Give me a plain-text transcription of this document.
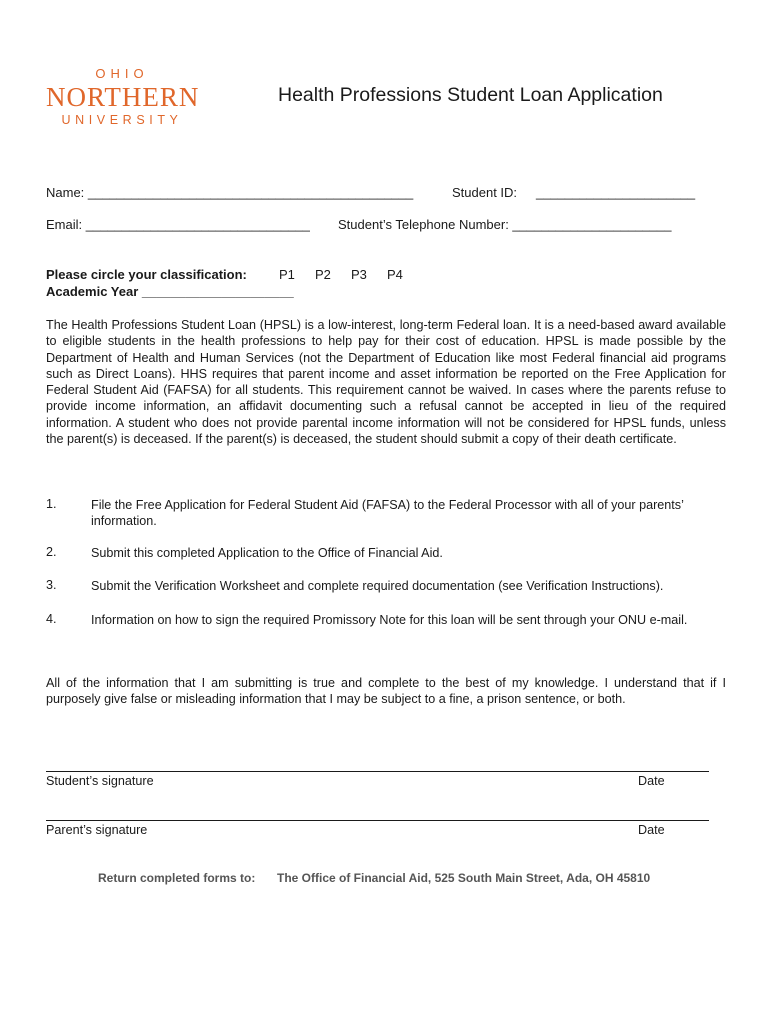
OHIO
NORTHERN
UNIVERSITY
Health Professions Student Loan Application
Name: _____________________________________________	Student ID: ______________________
Email: _______________________________ Student’s Telephone Number: ______________________
Please circle your classification: P1 P2 P3 P4
Academic Year _____________________
The Health Professions Student Loan (HPSL) is a low-interest, long-term Federal loan. It is a need-based award available to eligible students in the health professions to help pay for their cost of education. HPSL is made possible by the Department of Health and Human Services (not the Department of Education like most Federal financial aid programs such as Direct Loans). HHS requires that parent income and asset information be reported on the Free Application for Federal Student Aid (FAFSA) for all students. This requirement cannot be waived. In cases where the parents refuse to provide income information, an affidavit documenting such a refusal cannot be accepted in lieu of the required information. A student who does not provide parental income information will not be considered for HPSL funds, unless the parent(s) is deceased. If the parent(s) is deceased, the student should submit a copy of their death certificate.
1.	File the Free Application for Federal Student Aid (FAFSA) to the Federal Processor with all of your parents’ information.
2.	Submit this completed Application to the Office of Financial Aid.
3.	Submit the Verification Worksheet and complete required documentation (see Verification Instructions).
4.	Information on how to sign the required Promissory Note for this loan will be sent through your ONU e-mail.
All of the information that I am submitting is true and complete to the best of my knowledge. I understand that if I purposely give false or misleading information that I may be subject to a fine, a prison sentence, or both.
Student’s signature	Date
Parent’s signature	Date
Return completed forms to: The Office of Financial Aid, 525 South Main Street, Ada, OH 45810
